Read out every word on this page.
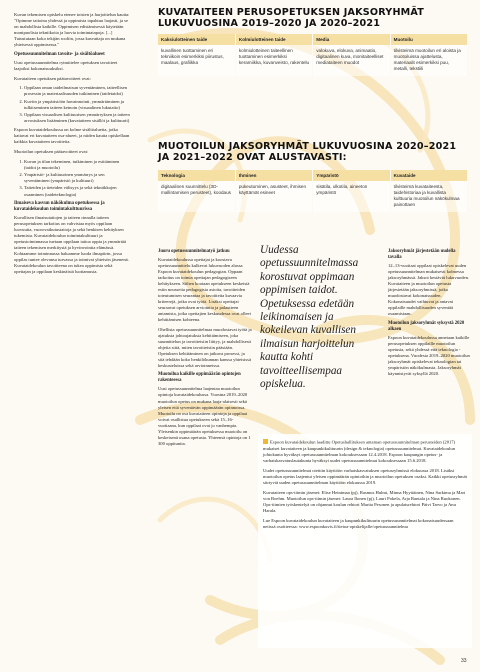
Kuvan tekemisen opiskelu etenee toisten ja harjoittelun kautta: "Opimme taitoina yhdessä ja oppimista tapahtuu laajasti, ja se on mahdollista kaikille. Oppimisen edistämisessä käytetään monipuolisia tekniikoita ja luovia toimintatapoja. [...] Tutustutaan koko tekijän rooliin, jossa kasvattaja on mukana yhteisessä oppimisessa."

Opetussuunnitelman tavoite- ja sisältöalueet

Uusi opetussuunnitelma rytmittelee opetuksen tavoitteet laajoiksi kokonaisuuksiksi.

Kuvataiteen opetuksen päätavoitteet ovat:

1. Oppilaan oman taideilmaisun syventäminen, taiteellisen prosessin ja materiaalisuuden tutkiminen (taidetaidot)
2. Kuviin ja ympäristöön havainnointi, ymmärtäminen ja tulkitseminen taiteen keinoin (visuaalinen lukutaito)
3. Oppilaan visuaalisen kulttuurisen ymmärryksen ja taiteen arvostuksen lisääminen (kuvataiteen sisällöt ja kulttuurit)

Espoon kuvataidekoulussa on kolme sisältöaluetta, jotka kattavat eri kuvataiteen osa-alueet, ja niiden kautta opiskellaan kaikkia kuvataiteen tavoitteita.

Muotoilun opetuksen päätavoitteet ovat:

1. Kuvan ja tilan tekeminen, tutkiminen ja esittäminen (taidot ja muotoilu)
2. Ympäristö- ja kulttuurinen ymmärrys ja sen syventäminen (ympäristö ja kulttuuri)
3. Taiteiden ja tieteiden välisyys ja sekä tekniikkojen osaaminen (taideteknologia)
Ilmaiseva kasvun näkökulma opetuksessa ja kuvataidekoulun toimintakulttuurissa

Kuvallisen ilmaisutaitojen ja taiteen rinnalla taiteen perusopetuksen tarkoitus on vahvistaa myös oppilaan luovuutta, vuorovaikutustaitoja ja sekä henkisen kehityksen tukemista. Kuvataidekoulun toimintakulttuuri ja opetustoiminnassa tuetaan oppilaan taitoa oppia ja ymmärtää taiteen tekemisen merkitystä ja hyvinvointia elämässä. Kohtaamme toiminnassa haluamme luoda ilmapiirin, jossa oppilas tuntee olevansa turvassa ja toimivat yhteisön jäsenenä. Kuvataidekoulun tavoitteena on tukea oppimista sekä opettajan ja oppilaan keskinäistä luottamusta.

KUVATAITEEN PERUSOPETUKSEN JAKSORYHMÄT LUKUVUOSINA 2019–2020 JA 2020–2021
Kaksiulotteinen taide	Kolmiulotteinen taide	Media	Muotoilu
kuvallinen tuottaminen eri tekniikoin esimerkiksi piirustus, maalaus, grafiikka	kolmiulotteinen taiteellinen tuottaminen esimerkiksi keramiikka, kuvanveisto, rakentelu	valokuva, elokuva, animaatio, digitaalinen kuva, monitaiteelliset mediataiteen muodot	tilvisteimä muotoilun eri aloista ja muotoiluissa ajattelusta, materiaalit esimerkiksi puu, metalli, tekstiili
MUOTOILUN JAKSORYHMÄT LUKUVUOSINA 2020–2021 JA 2021–2022 OVAT ALUSTAVASTI:
Teknologia	Ihminen	Ympäristö	Kuvataide
digitaalinen suunnittelu (3D-mallintamisen perusteet), koodaus	pukeutuminen, asusteet, ihmisen käyttämät esineet	sisätila, ulkotila, aineeton ympäristö	tilvisteimä kuvataiteesta, taidehistoriaa ja kuvallista kulttuuria muotoilun näkökulmaa painottaen
Juoru opetussuunnitelmatyö jatkuu

Kuvataidekoulussa opettajat ja koostava opetussuunnittelu kulkevat lukuvuoden alussa Espoon kuvataidekoulun pedagogian. Oppaan tarkoitus on toimia opettajan pedagogiseen kehitykseen. Siihen kootaan opetukseen keskeisiä esiin nousseita pedagogisia asioita, tavoitteiden toteutumisen seurantaa ja tavoitteita kuvaavia kriteerejä, jotka ovat työtä. Lisäksi opettajat seuraavat opetuksen arviointia ja palautteen antamista, jotka opettajien keskuudessa ovat olleet kehittämisen kohteena.

Ohellista opetussuunnitelmaa muodostavat työtä ja ajatuksia johtoajatuksia kehittämiseen, joka suunnittelun ja tavoitteisiin liittyy, ja mahdollisesti ohjeita siitä, miten tavoitteisiin päästään. Opetuksen kehittäminen on jatkuva prosessi, ja sitä tehdään koko henkilökunnan kanssa yhteisissä keskusteluissa sekä arvioinneissa.

Muotoilua kaikille oppimäärän opintojen rakenteessa

Uusi opetussuunnitelma laajentaa muotoilun opintoja kuvataidekoulussa. Vuosina 2019–2020 muotoilun opetus on mukana laaja-alaisesti sekä yleisen että syventävän oppimäärän opinnoissa. Muotoilu on osa kuvataiteen opintoja ja oppilaat voivat osallistua opetukseen sekä 15–16-vuotiaana, kun oppilaat ovat jo vanhempia. Yleisenkin oppimäärän opetuksessa muotoilu on keskeisenä osana opetusta. Yhteensä opintoja on 1 300 oppituntia.

Uudessa opetussuunnitelmassa korostuvat oppimaan oppimisen taidot. Opetuksessa edetään leikinomaisen ja kokeilevan kuvallisen ilmaisun harjoittelun kautta kohti tavoitteellisempaa opiskelua.
Jaksoryhmät järjestetään uudella tavalla

12–13-vuotiaat oppilaat opiskelevat uuden opetussuunnitelman mukaisesti kolmessa jaksoryhmässä. Jaksot kestävät lukuvuoden. Kuvataiteen ja muotoilun opetusta järjestetään jaksoryhmissä, jotka muodostavat kokonaisuuden. Kokonaisuudet vaihtuvat ja antavat oppilaille mahdollisuuden syventää osaamistaan.

Muotoilun jaksoryhmät syksystä 2020 alkaen

Espoon kuvataidekoulussa annetaan kaikille perusopetuksen oppilaille muotoilun opetusta, sekä yhdessä että teknologia -opetuksena. Vuodesta 2019–2020 muotoilun jaksoryhmät opiskelevat teknologian tai ympäristön näkökulmasta. Jaksoryhmät käynnistyvät syksyllä 2020.

Espoon kuvataidekoulun laadittu Opetushallituksen antaman opetussuunnitelman perusteiden (2017) mukaiset kuvataiteen ja kaupunkikulttuurin (design & teknologia) opetussuunnitelmat. Kuvataidekoulun johtokunta hyväksyi opetussuunnitelman kokouksessaan 12.4.2018. Espoon kaupungin opetus- ja varhaiskasvatuslautakunta hyväksyi uudet opetussuunnitelmat kokouksessaan 15.6.2018.

Uudet opetussuunnitelmat otettiin käyttöön varhaiskasvatuksen opetusryhmissä elokuussa 2018. Lisäksi muotoilun opetus laajentui yleisen oppimäärän opintoihin ja muotoilun opetuksen osaksi. Kaikki opetusryhmät siirtyvät uuden opetussuunnitelman käyttöön elokuussa 2019.

Kuvataiteen ops-tiimin jäsenet: Elise Heinimaa (pj), Rasmus Hulmi, Minna Hyytiäinen, Nina Sarkima ja Mari von Boehm. Muotoilun ops-tiimin jäsenet: Laura Ilonen (pj), Lauri Pokela, Arja Rantala ja Nina Ruokonen. Ops-tiimien työskentelyä on ohjannut koulun rehtori Marita Pesonen ja apulaisrehtori Päivi Tarvo ja Anu Harala.

Lue Espoon kuvataidekoulun kuvataiteen ja kaupunkikulttuurin opetussuunnitelmat kokonaisuudessaan netissä osoitteessa: www.espoonkuvis.fi/tietoa-opiskelijalle/opetussuunnitelma

33
